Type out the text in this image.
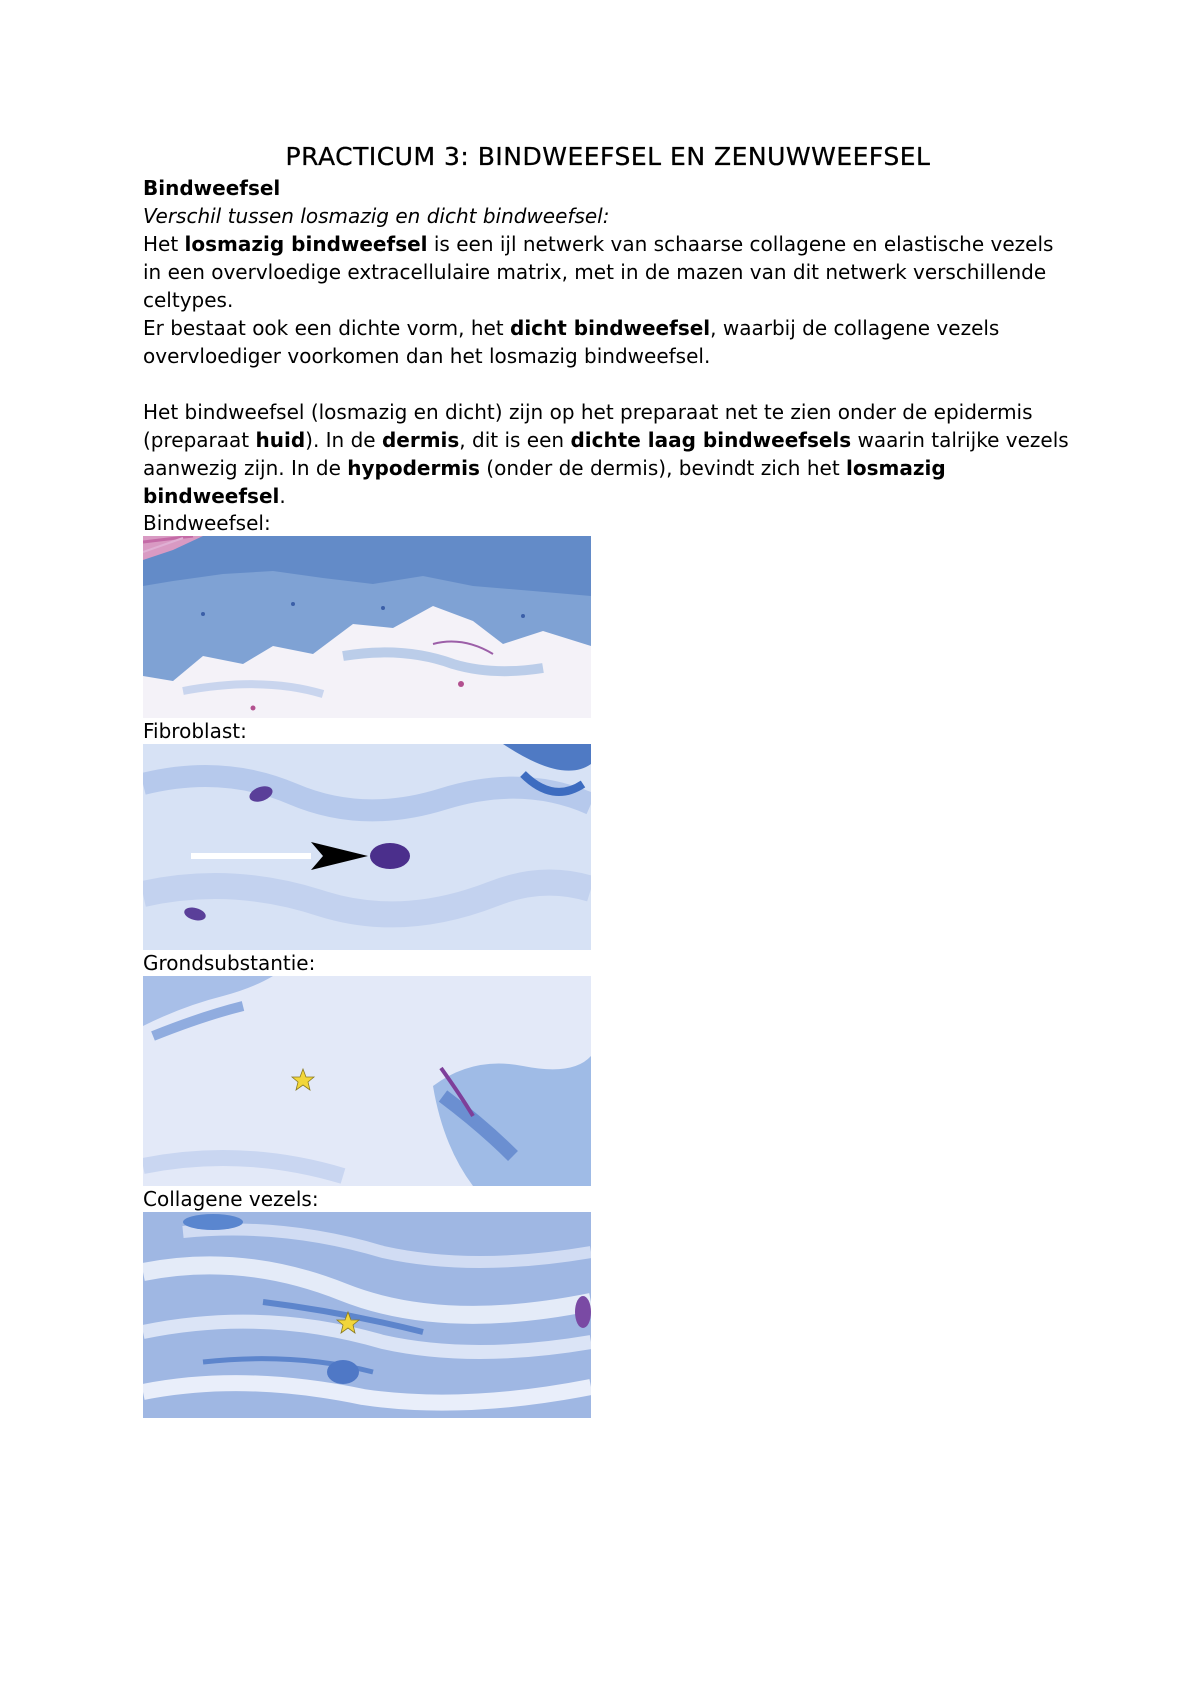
PRACTICUM 3: BINDWEEFSEL EN ZENUWWEEFSEL
Bindweefsel

Verschil tussen losmazig en dicht bindweefsel:

Het losmazig bindweefsel is een ijl netwerk van schaarse collagene en elastische vezels in een overvloedige extracellulaire matrix, met in de mazen van dit netwerk verschillende celtypes.

Er bestaat ook een dichte vorm, het dicht bindweefsel, waarbij de collagene vezels overvloediger voorkomen dan het losmazig bindweefsel.

Het bindweefsel (losmazig en dicht) zijn op het preparaat net te zien onder de epidermis (preparaat huid). In de dermis, dit is een dichte laag bindweefsels waarin talrijke vezels aanwezig zijn. In de hypodermis (onder de dermis), bevindt zich het losmazig bindweefsel.

Bindweefsel:

Fibroblast:

Grondsubstantie:

Collagene vezels:
